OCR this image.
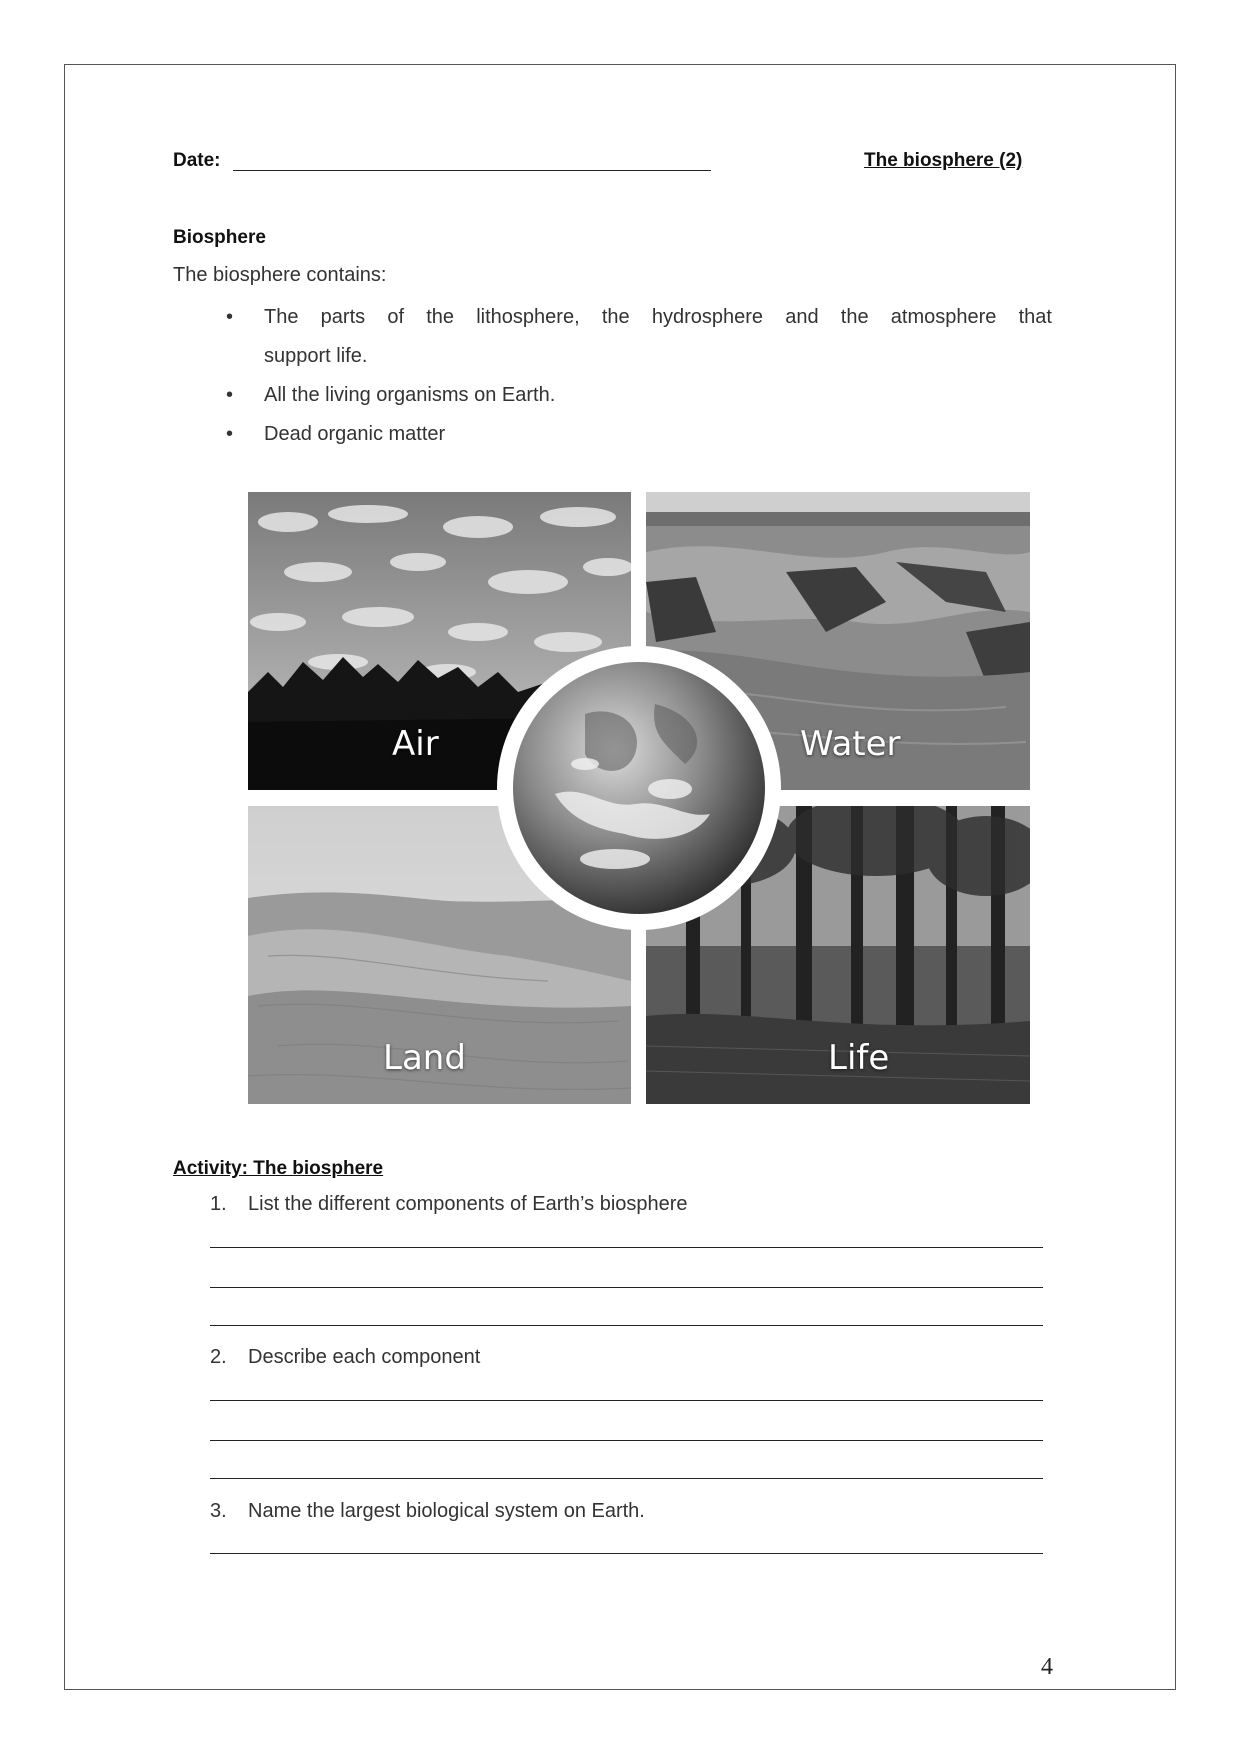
Date:	The biosphere (2)
Biosphere
The biosphere contains:
• The parts of the lithosphere, the hydrosphere and the atmosphere that
support life.
• All the living organisms on Earth.
• Dead organic matter
Air	Water
Land	Life
Activity: The biosphere
1. List the different components of Earth’s biosphere
2. Describe each component
3. Name the largest biological system on Earth.
4
